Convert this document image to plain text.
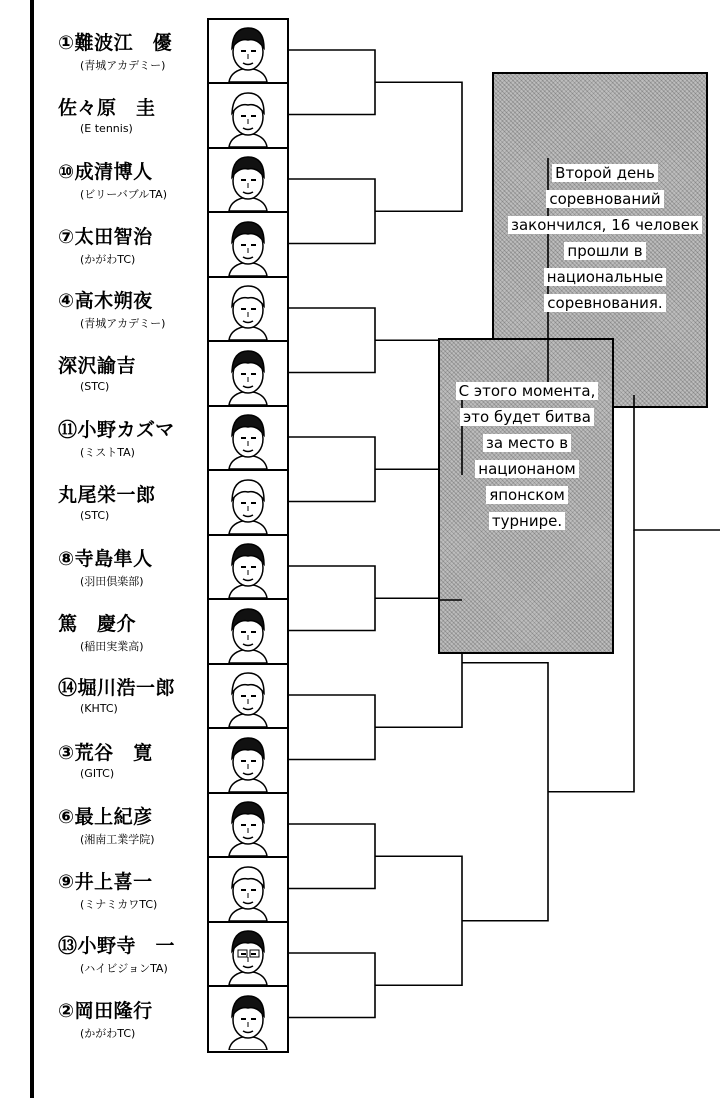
①難波江　優
(青城アカデミー)
佐々原　圭
(E tennis)
⑩成清博人
(ビリーバブルTA)
⑦太田智治
(かがわTC)
④高木朔夜
(青城アカデミー)
深沢諭吉
(STC)
⑪小野カズマ
(ミストTA)
丸尾栄一郎
(STC)
⑧寺島隼人
(羽田倶楽部)
篤　慶介
(稲田実業高)
⑭堀川浩一郎
(KHTC)
③荒谷　寛
(GITC)
⑥最上紀彦
(湘南工業学院)
⑨井上喜一
(ミナミカワTC)
⑬小野寺　一
(ハイビジョンTA)
②岡田隆行
(かがわTC)
Второй день соревнований закончился, 16 человек прошли в национальные соревнования.
С этого момента, это будет битва за место в национаном японском турнире.
